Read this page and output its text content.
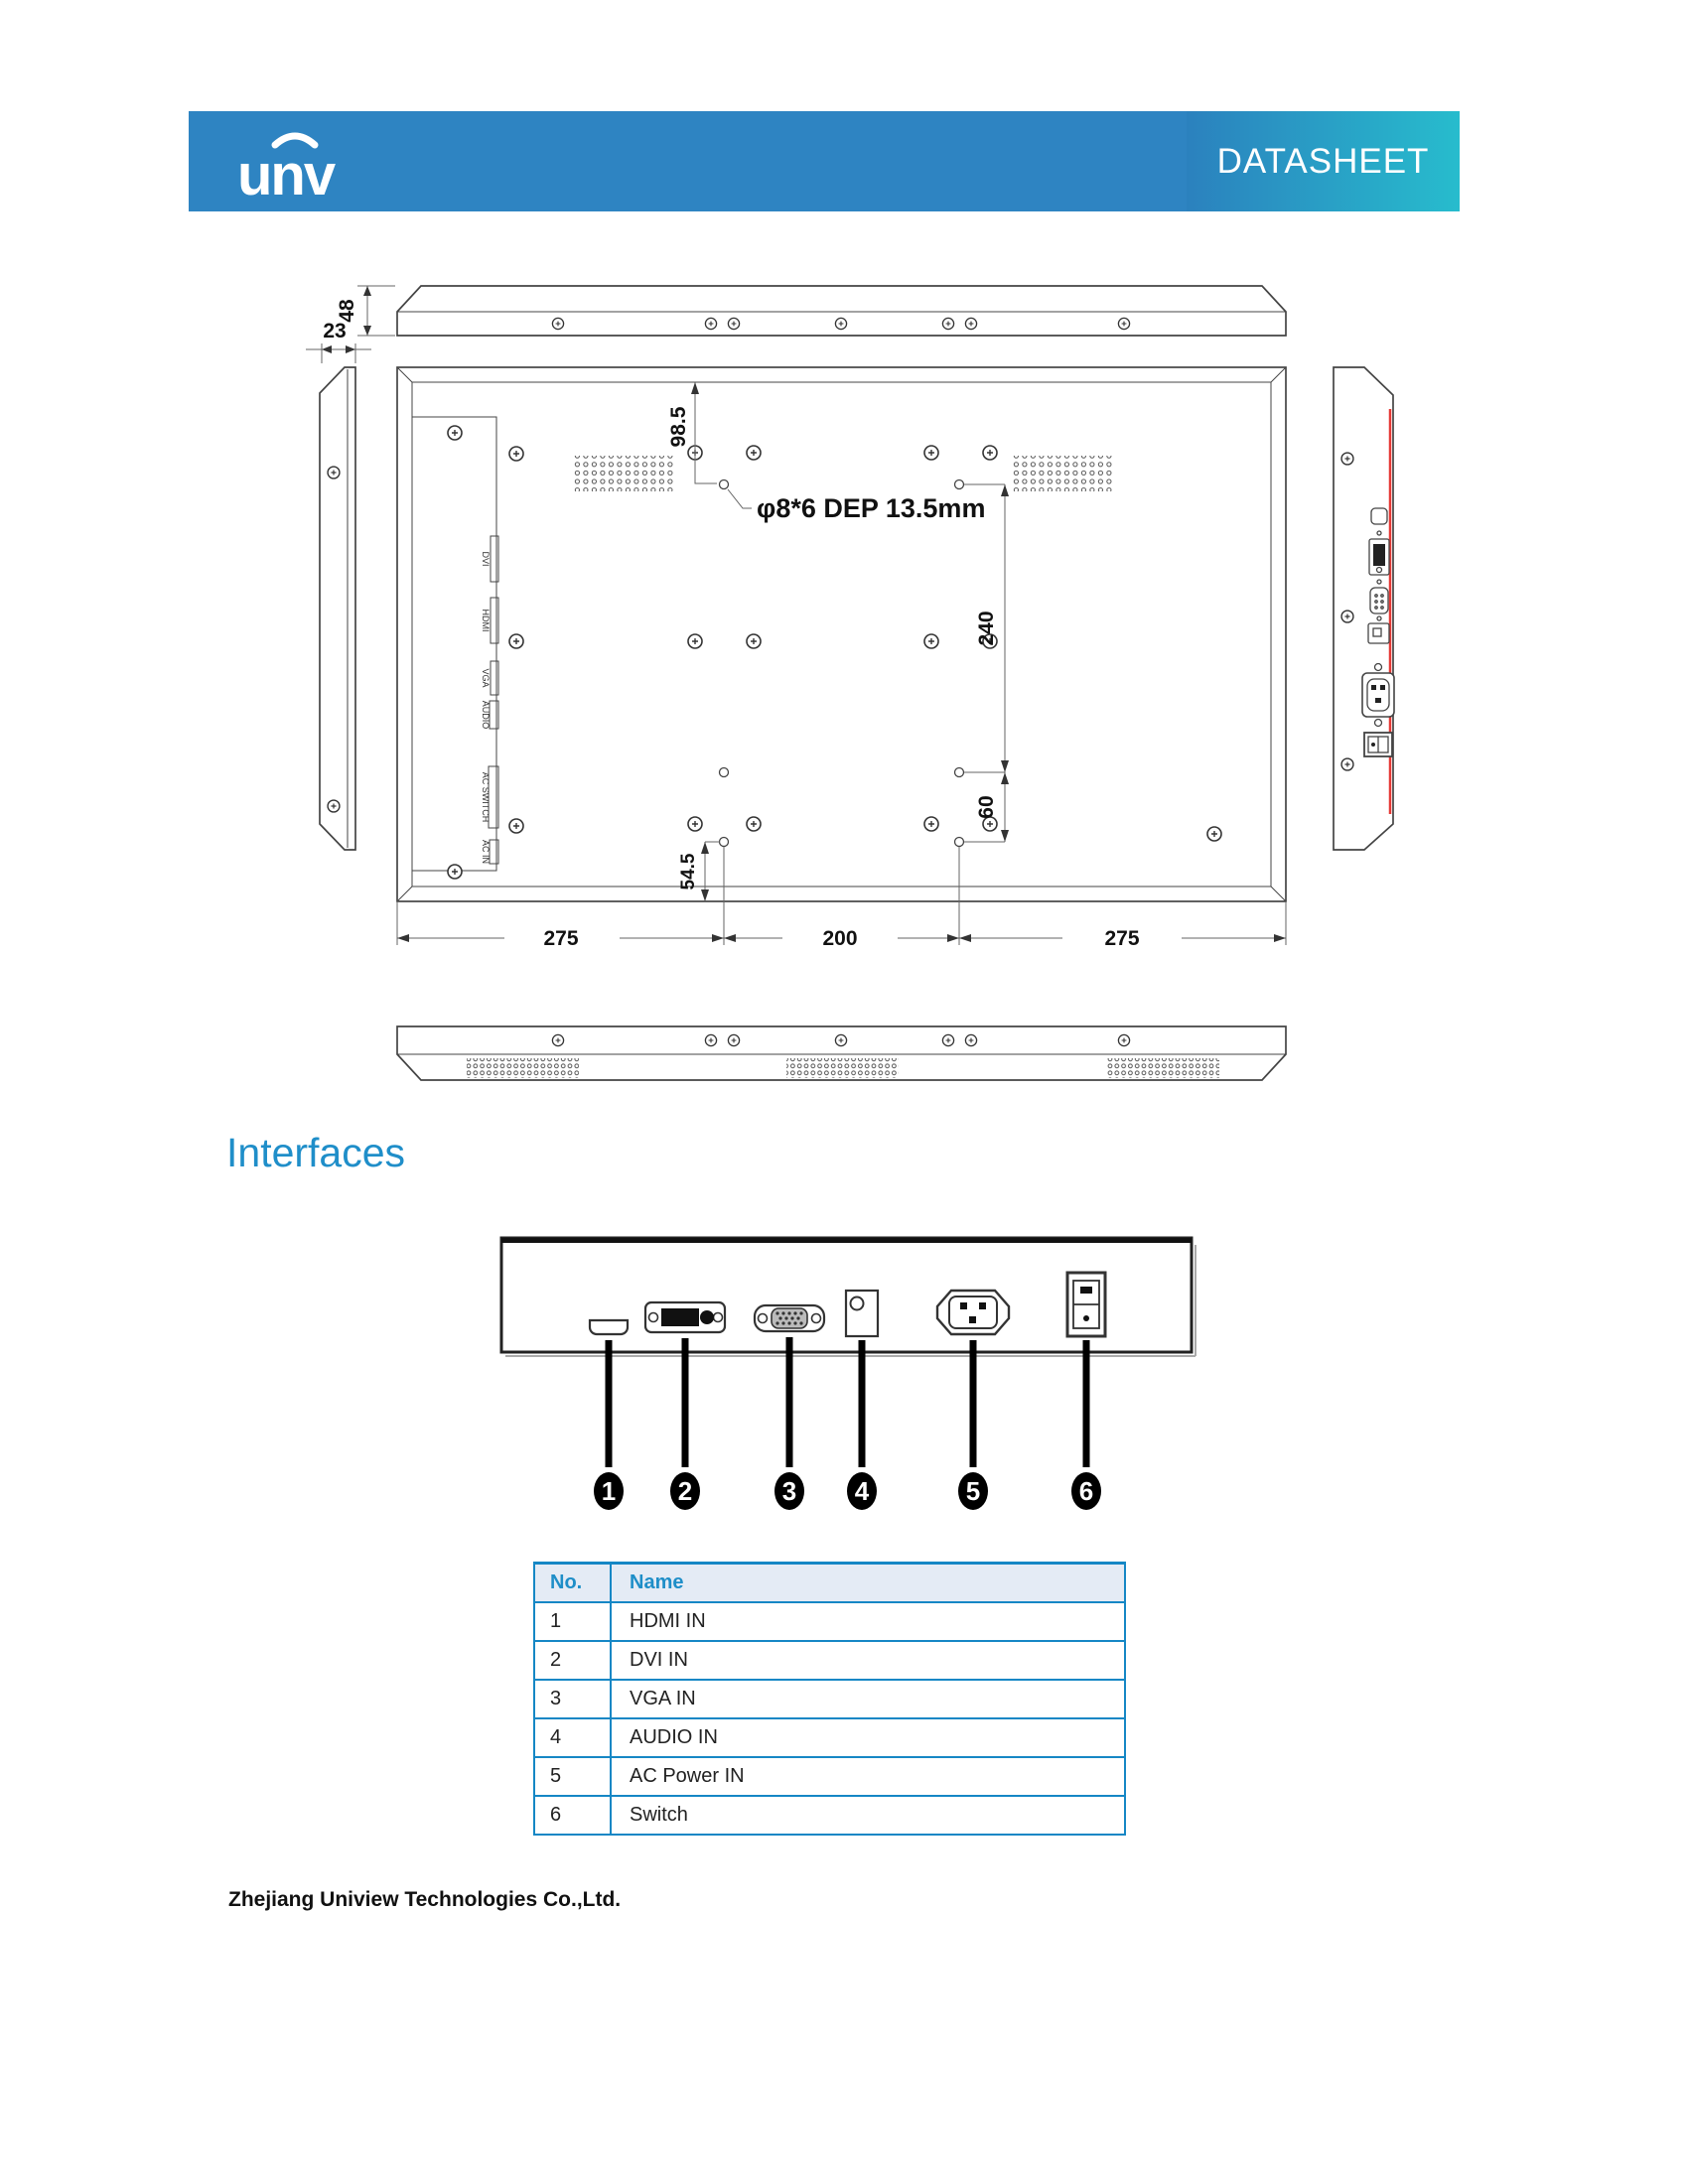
unv	DATASHEET
48
23
DVI
HDMI
VGA
AUDIO
AC SWITCH
AC IN
98.5
φ8*6 DEP 13.5mm
240
60
54.5
275	200	275
Interfaces
1 2	3 4	5	6
No.	Name
1	HDMI IN
2	DVI IN
3	VGA IN
4	AUDIO IN
5	AC Power IN
6	Switch
Zhejiang Uniview Technologies Co.,Ltd.
